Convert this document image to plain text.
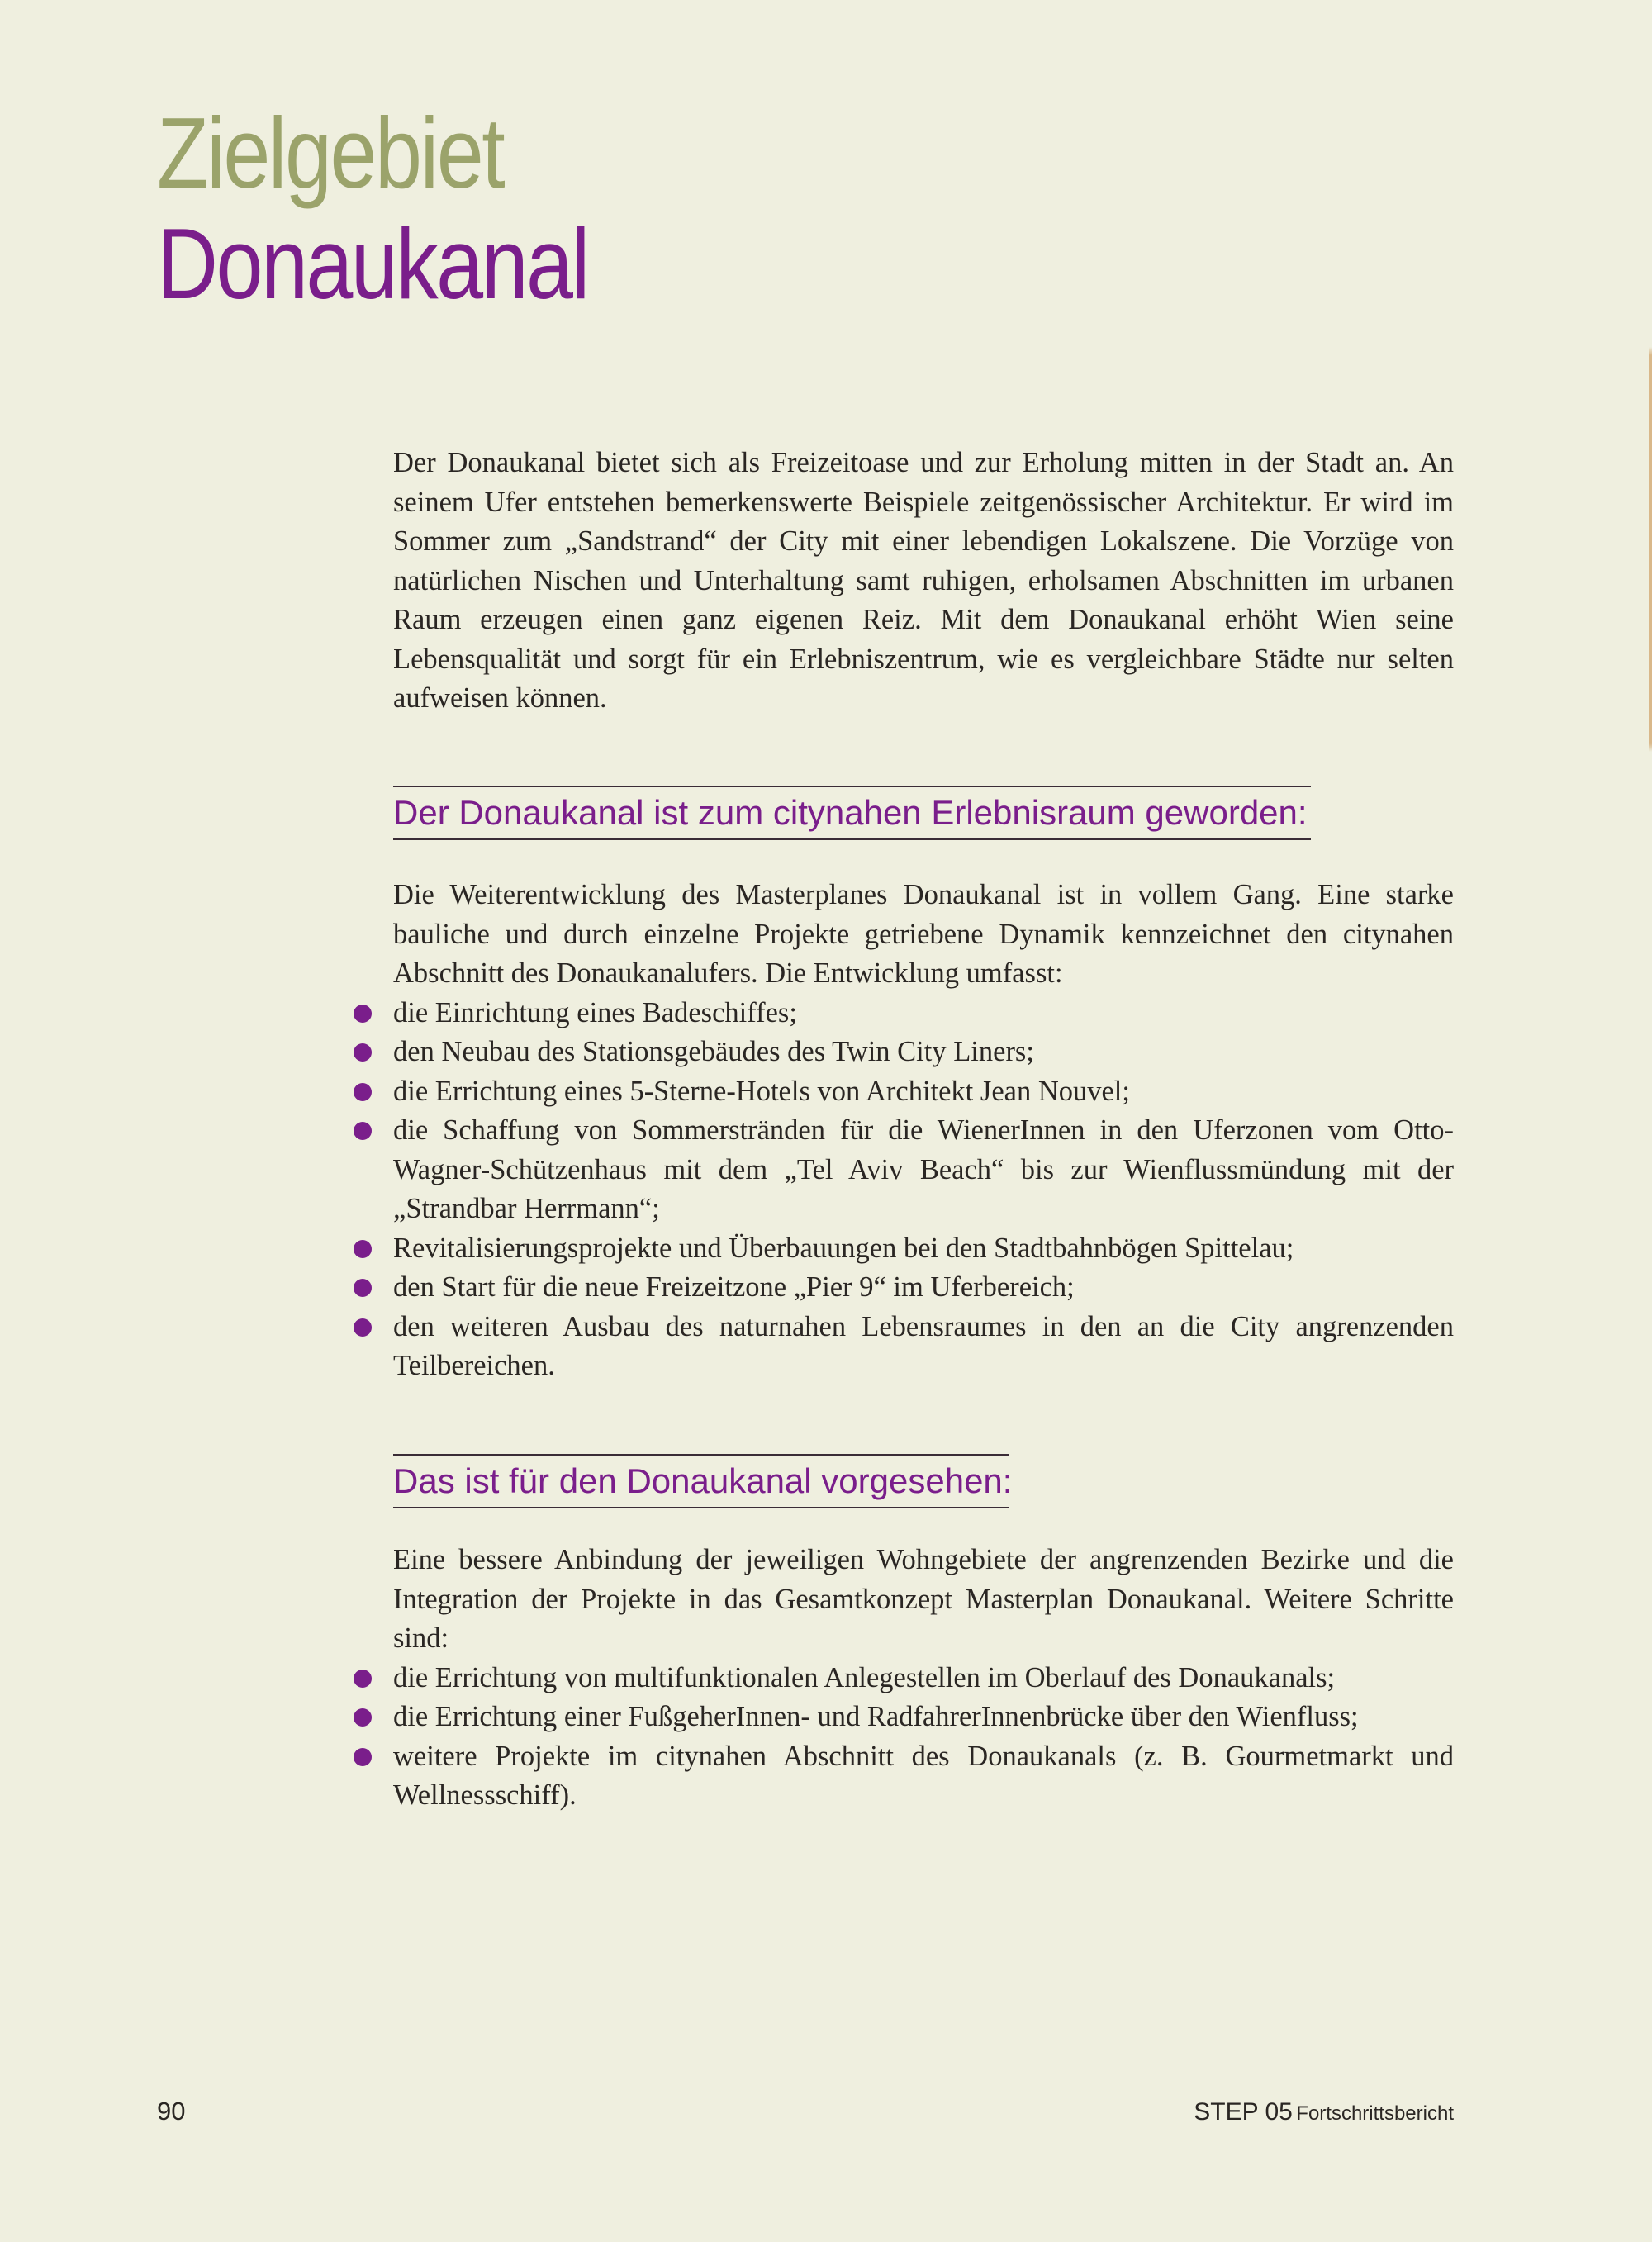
Zielgebiet
Donaukanal

Der Donaukanal bietet sich als Freizeitoase und zur Erholung mitten in der Stadt an. An seinem Ufer entstehen bemerkenswerte Beispiele zeitgenössischer Architektur. Er wird im Sommer zum „Sandstrand“ der City mit einer lebendigen Lokalszene. Die Vorzüge von natürlichen Nischen und Unterhaltung samt ruhigen, erholsamen Abschnitten im urbanen Raum erzeugen einen ganz eigenen Reiz. Mit dem Donaukanal erhöht Wien seine Lebensqualität und sorgt für ein Erlebniszentrum, wie es vergleichbare Städte nur selten aufweisen können.

Der Donaukanal ist zum citynahen Erlebnisraum geworden:

Die Weiterentwicklung des Masterplanes Donaukanal ist in vollem Gang. Eine starke bauliche und durch einzelne Projekte getriebene Dynamik kennzeichnet den citynahen Abschnitt des Donaukanalufers. Die Entwicklung umfasst:

die Einrichtung eines Badeschiffes;
den Neubau des Stationsgebäudes des Twin City Liners;
die Errichtung eines 5-Sterne-Hotels von Architekt Jean Nouvel;
die Schaffung von Sommerstränden für die WienerInnen in den Uferzonen vom Otto-Wagner-Schützenhaus mit dem „Tel Aviv Beach“ bis zur Wienflussmündung mit der „Strandbar Herrmann“;
Revitalisierungsprojekte und Überbauungen bei den Stadtbahnbögen Spittelau;
den Start für die neue Freizeitzone „Pier 9“ im Uferbereich;
den weiteren Ausbau des naturnahen Lebensraumes in den an die City angrenzenden Teilbereichen.
Das ist für den Donaukanal vorgesehen:

Eine bessere Anbindung der jeweiligen Wohngebiete der angrenzenden Bezirke und die Integration der Projekte in das Gesamtkonzept Masterplan Donaukanal. Weitere Schritte sind:

die Errichtung von multifunktionalen Anlegestellen im Oberlauf des Donaukanals;
die Errichtung einer FußgeherInnen- und RadfahrerInnenbrücke über den Wienfluss;
weitere Projekte im citynahen Abschnitt des Donaukanals (z. B. Gourmetmarkt und Wellnessschiff).
90	STEP 05 Fortschrittsbericht
